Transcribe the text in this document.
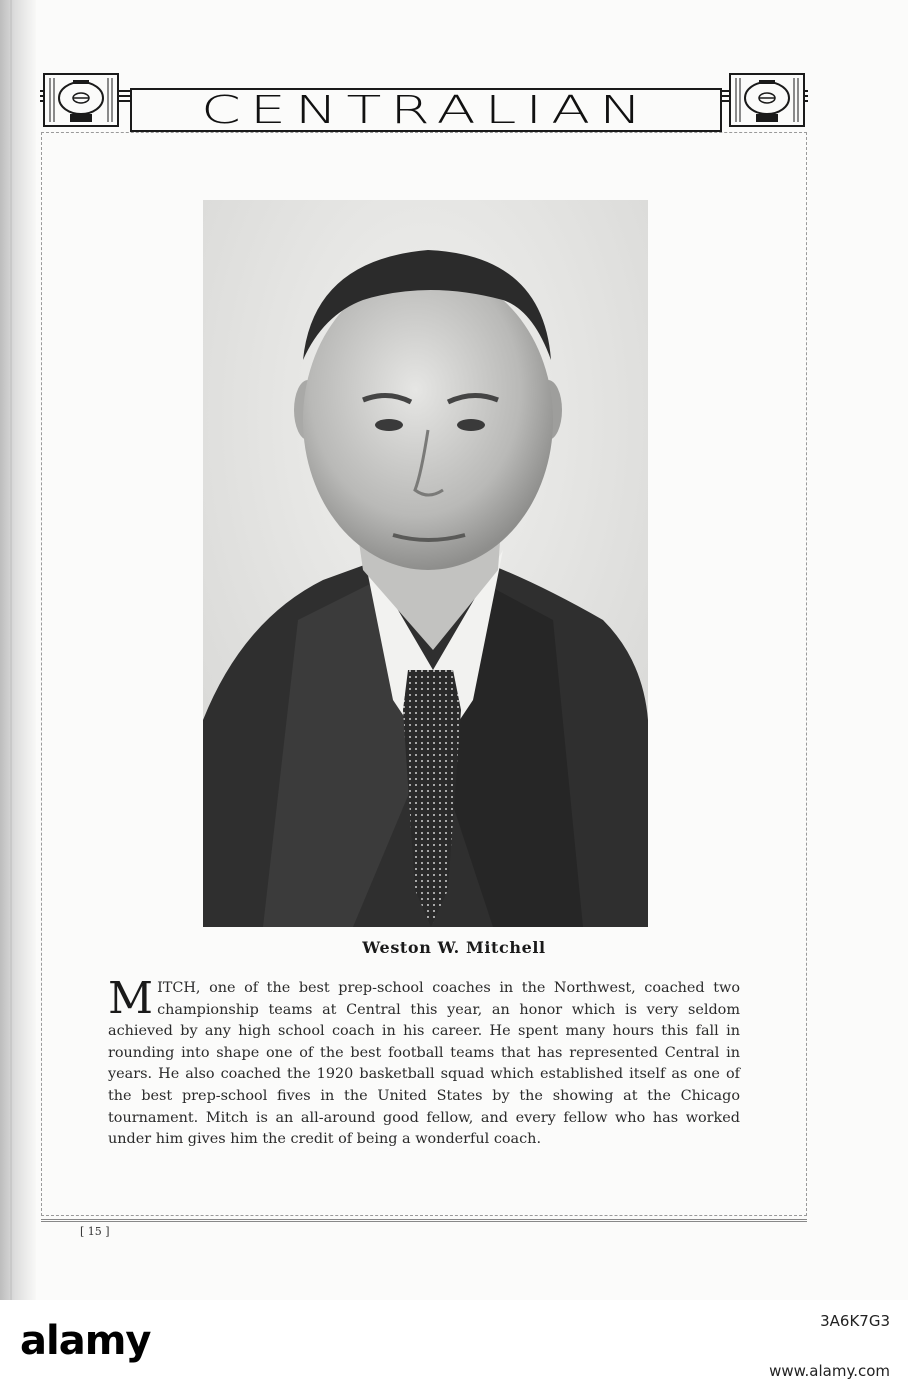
CENTRALIAN
Weston W. Mitchell
MITCH, one of the best prep-school coaches in the Northwest, coached two championship teams at Central this year, an honor which is very seldom achieved by any high school coach in his career. He spent many hours this fall in rounding into shape one of the best football teams that has represented Central in years. He also coached the 1920 basketball squad which established itself as one of the best prep-school fives in the United States by the showing at the Chicago tournament. Mitch is an all-around good fellow, and every fellow who has worked under him gives him the credit of being a wonderful coach.
[ 15 ]
alamy	3A6K7G3
www.alamy.com
